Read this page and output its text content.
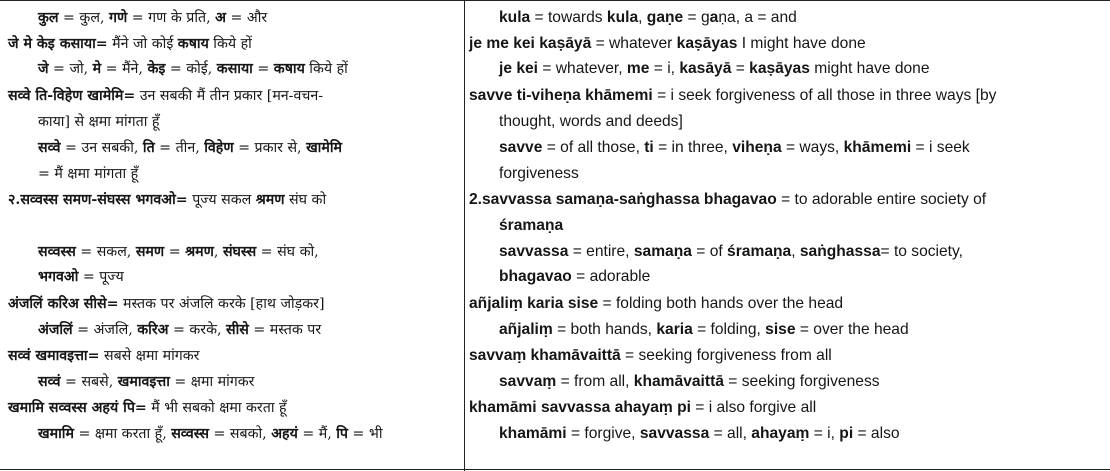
कुल = कुल, गणे = गण के प्रति, अ = और
जे मे केइ कसाया= मैंने जो कोई कषाय किये हों
जे = जो, मे = मैंने, केइ = कोई, कसाया = कषाय किये हों
सव्वे ति-विहेण खामेमि= उन सबकी मैं तीन प्रकार [मन-वचन-
काया] से क्षमा मांगता हूँ
सव्वे = उन सबकी, ति = तीन, विहेण = प्रकार से, खामेमि
= मैं क्षमा मांगता हूँ
२.सव्वस्स समण-संघस्स भगवओ= पूज्य सकल श्रमण संघ को
सव्वस्स = सकल, समण = श्रमण, संघस्स = संघ को,
भगवओ = पूज्य
अंजलिं करिअ सीसे= मस्तक पर अंजलि करके [हाथ जोड़कर]
अंजलिं = अंजलि, करिअ = करके, सीसे = मस्तक पर
सव्वं खमावइत्ता= सबसे क्षमा मांगकर
सव्वं = सबसे, खमावइत्ता = क्षमा मांगकर
खमामि सव्वस्स अहयं पि= मैं भी सबको क्षमा करता हूँ
खमामि = क्षमा करता हूँ, सव्वस्स = सबको, अहयं = मैं, पि = भी
kula = towards kula, gaṇe = gaṇa, a = and
je me kei kaṣāyā = whatever kaṣāyas I might have done
je kei = whatever, me = i, kasāyā = kaṣāyas might have done
savve ti-viheṇa khāmemi = i seek forgiveness of all those in three ways [by
thought, words and deeds]
savve = of all those, ti = in three, viheṇa = ways, khāmemi = i seek
forgiveness
2.savvassa samaṇa-saṅghassa bhagavao = to adorable entire society of
śramaṇa
savvassa = entire, samaṇa = of śramaṇa, saṅghassa= to society,
bhagavao = adorable
añjaliṃ karia sise = folding both hands over the head
añjaliṃ = both hands, karia = folding, sise = over the head
savvaṃ khamāvaittā = seeking forgiveness from all
savvaṃ = from all, khamāvaittā = seeking forgiveness
khamāmi savvassa ahayaṃ pi = i also forgive all
khamāmi = forgive, savvassa = all, ahayaṃ = i, pi = also
